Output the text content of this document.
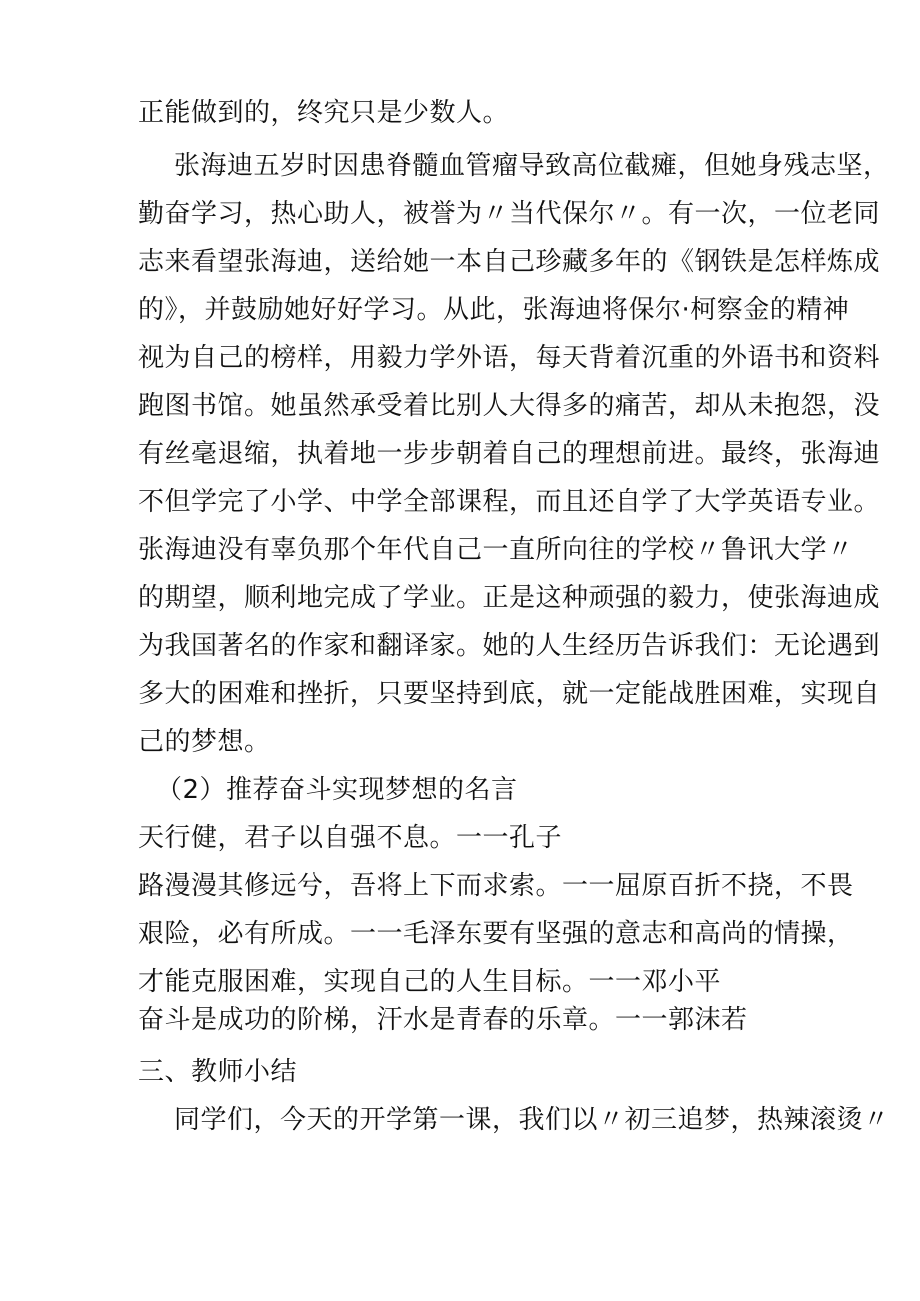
正能做到的，终究只是少数人。
张海迪五岁时因患脊髓血管瘤导致高位截瘫，但她身残志坚，
勤奋学习，热心助人，被誉为〃当代保尔〃。有一次，一位老同
志来看望张海迪，送给她一本自己珍藏多年的《钢铁是怎样炼成
的》，并鼓励她好好学习。从此，张海迪将保尔·柯察金的精神
视为自己的榜样，用毅力学外语，每天背着沉重的外语书和资料
跑图书馆。她虽然承受着比别人大得多的痛苦，却从未抱怨，没
有丝毫退缩，执着地一步步朝着自己的理想前进。最终，张海迪
不但学完了小学、中学全部课程，而且还自学了大学英语专业。
张海迪没有辜负那个年代自己一直所向往的学校〃鲁讯大学〃
的期望，顺利地完成了学业。正是这种顽强的毅力，使张海迪成
为我国著名的作家和翻译家。她的人生经历告诉我们：无论遇到
多大的困难和挫折，只要坚持到底，就一定能战胜困难，实现自
己的梦想。
（2）推荐奋斗实现梦想的名言
天行健，君子以自强不息。一一孔子
路漫漫其修远兮，吾将上下而求索。一一屈原百折不挠，不畏
艰险，必有所成。一一毛泽东要有坚强的意志和高尚的情操，
才能克服困难，实现自己的人生目标。一一邓小平
奋斗是成功的阶梯，汗水是青春的乐章。一一郭沫若
三、教师小结
同学们，今天的开学第一课，我们以〃初三追梦，热辣滚烫〃
